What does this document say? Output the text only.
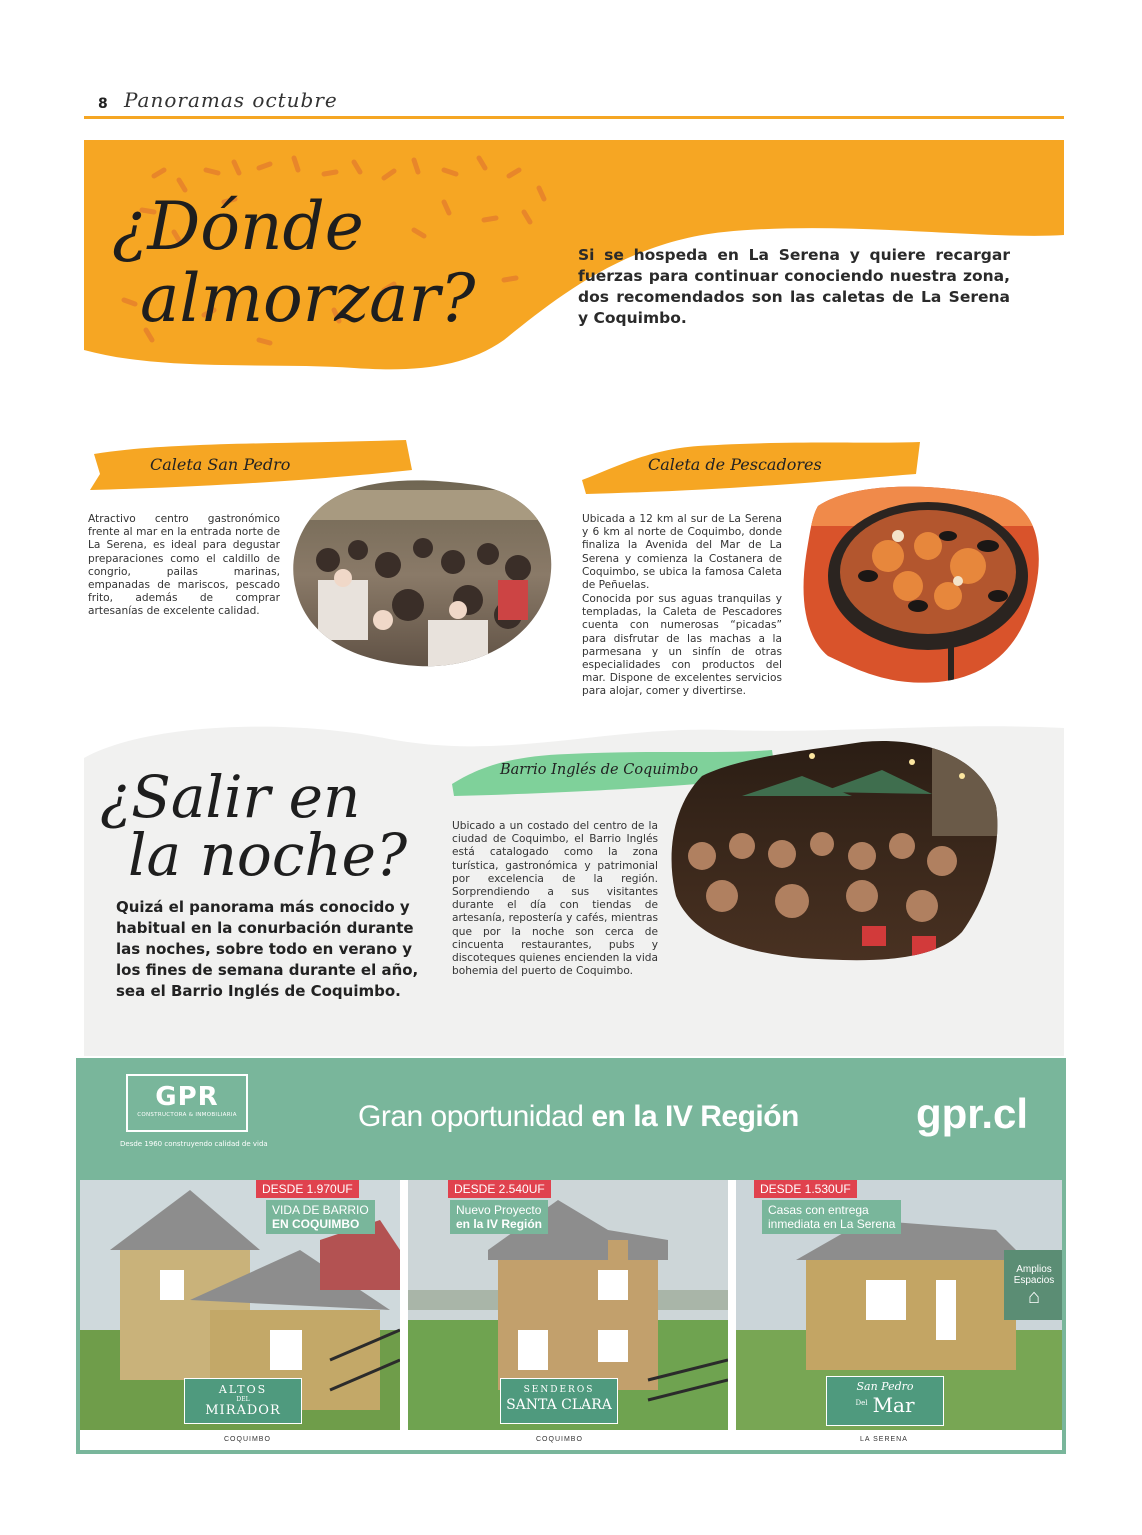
8 Panoramas octubre
¿Dónde
almorzar?
Si se hospeda en La Serena y quiere recargar fuerzas para continuar conociendo nuestra zona, dos recomendados son las caletas de La Serena y Coquimbo.
Caleta San Pedro
Atractivo centro gastronómico frente al mar en la entrada norte de La Serena, es ideal para degustar preparaciones como el caldillo de congrio, pailas marinas, empanadas de mariscos, pescado frito, además de comprar artesanías de excelente calidad.
Caleta de Pescadores
Ubicada a 12 km al sur de La Serena y 6 km al norte de Coquimbo, donde finaliza la Avenida del Mar de La Serena y comienza la Costanera de Coquimbo, se ubica la famosa Caleta de Peñuelas.
Conocida por sus aguas tranquilas y templadas, la Caleta de Pescadores cuenta con numerosas “picadas” para disfrutar de las machas a la parmesana y un sinfín de otras especialidades con productos del mar. Dispone de excelentes servicios para alojar, comer y divertirse.
¿Salir en
la noche?
Quizá el panorama más conocido y habitual en la conurbación durante las noches, sobre todo en verano y los fines de semana durante el año, sea el Barrio Inglés de Coquimbo.
Barrio Inglés de Coquimbo
Ubicado a un costado del centro de la ciudad de Coquimbo, el Barrio Inglés está catalogado como la zona turística, gastronómica y patrimonial por excelencia de la región. Sorprendiendo a sus visitantes durante el día con tiendas de artesanía, repostería y cafés, mientras que por la noche son cerca de cincuenta restaurantes, pubs y discoteques quienes encienden la vida bohemia del puerto de Coquimbo.
GPR
CONSTRUCTORA & INMOBILIARIA
Desde 1960 construyendo calidad de vida
Gran oportunidad en la IV Región	gpr.cl
DESDE 1.970UF
VIDA DE BARRIO
EN COQUIMBO
ALTOS
DEL
MIRADOR
COQUIMBO
DESDE 2.540UF
Nuevo Proyecto
en la IV Región
SENDEROS
SANTA CLARA
COQUIMBO
DESDE 1.530UF
Casas con entrega
inmediata en La Serena
Amplios Espacios
⌂
San Pedro
Del Mar
LA SERENA
